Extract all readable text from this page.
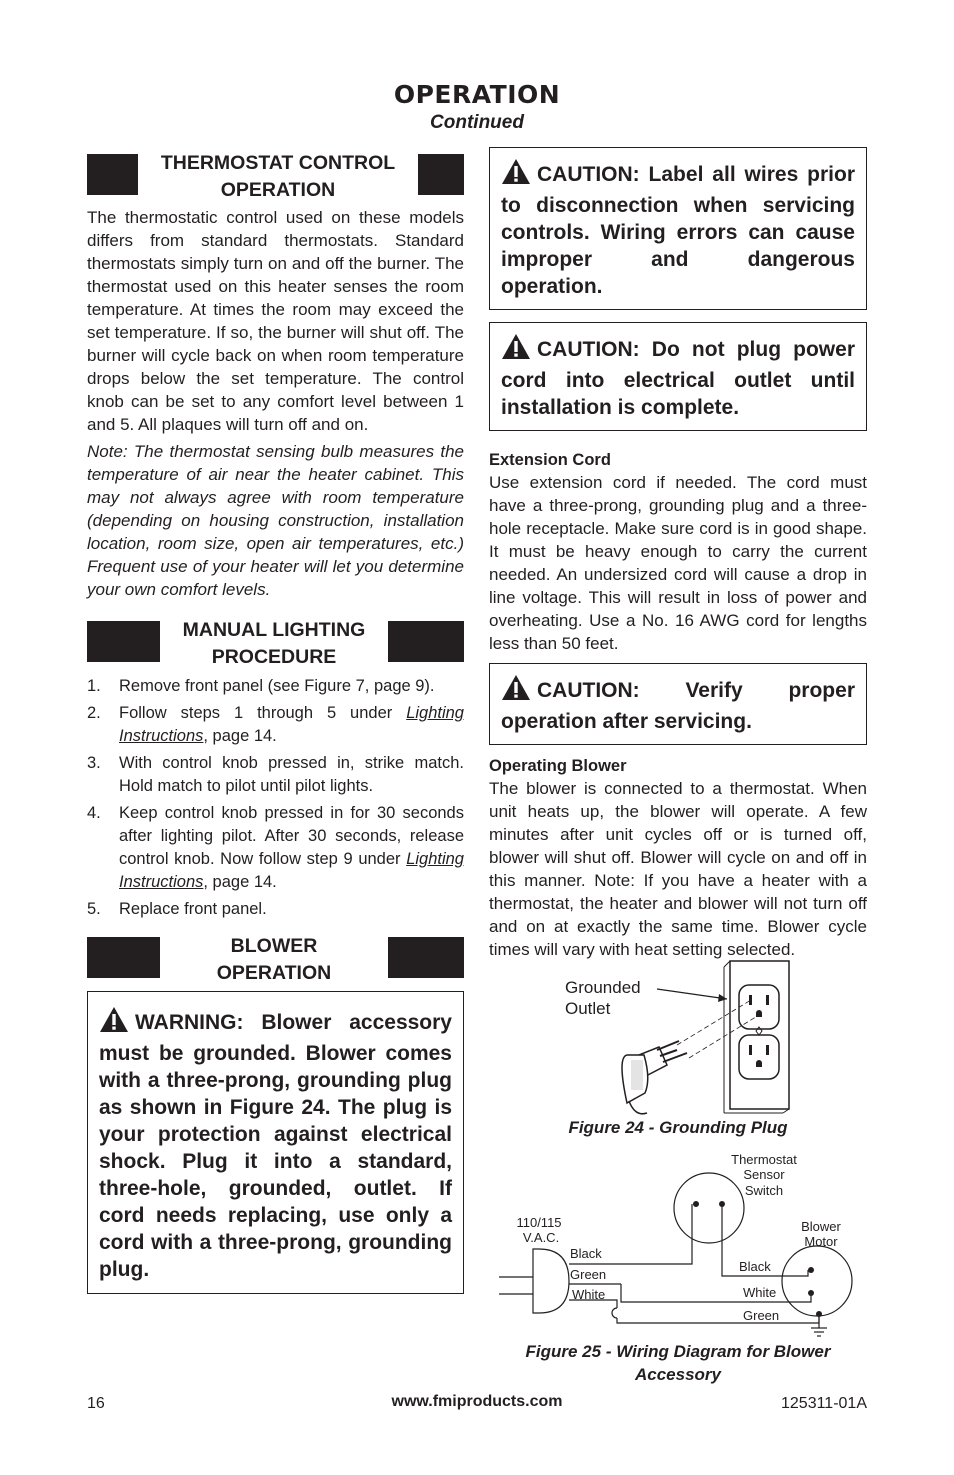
OPERATION
Continued
THERMOSTAT CONTROL
OPERATION

The thermostatic control used on these models differs from standard thermostats. Standard thermostats simply turn on and off the burner. The thermostat used on this heater senses the room temperature. At times the room may exceed the set temperature. If so, the burner will shut off. The burner will cycle back on when room temperature drops below the set temperature. The control knob can be set to any comfort level between 1 and 5. All plaques will turn off and on.

Note: The thermostat sensing bulb measures the temperature of air near the heater cabinet. This may not always agree with room temperature (depending on housing construction, installation location, room size, open air temperatures, etc.) Frequent use of your heater will let you determine your own comfort levels.

MANUAL LIGHTING
PROCEDURE
1. Remove front panel (see Figure 7, page 9).
2. Follow steps 1 through 5 under Lighting Instructions, page 14.
3. With control knob pressed in, strike match. Hold match to pilot until pilot lights.
4. Keep control knob pressed in for 30 seconds after lighting pilot. After 30 seconds, release control knob. Now follow step 9 under Lighting Instructions, page 14.
5. Replace front panel.
BLOWER
OPERATION
WARNING: Blower accessory must be grounded. Blower comes with a three-prong, grounding plug as shown in Figure 24. The plug is your protection against electrical shock. Plug it into a standard, three-hole, grounded, outlet. If cord needs replacing, use only a cord with a three-prong, grounding plug.
CAUTION: Label all wires prior to disconnection when servicing controls. Wiring errors can cause improper and dangerous operation.
CAUTION: Do not plug power cord into electrical outlet until installation is complete.
Extension Cord

Use extension cord if needed. The cord must have a three-prong, grounding plug and a three-hole receptacle. Make sure cord is in good shape. It must be heavy enough to carry the current needed. An undersized cord will cause a drop in line voltage. This will result in loss of power and overheating. Use a No. 16 AWG cord for lengths less than 50 feet.

CAUTION: Verify proper operation after servicing.
Operating Blower

The blower is connected to a thermostat. When unit heats up, the blower will operate. A few minutes after unit cycles off or is turned off, blower will shut off. Blower will cycle on and off in this manner. Note: If you have a heater with a thermostat, the heater and blower will not turn off and on at exactly the same time. Blower cycle times will vary with heat setting selected.

Grounded
Outlet
Figure 24 - Grounding Plug
Thermostat
Sensor
Switch
110/115
V.A.C.
Blower
Motor
Black
Green
White
Black
White
Green
Figure 25 - Wiring Diagram for Blower
Accessory
16	www.fmiproducts.com	125311-01A
